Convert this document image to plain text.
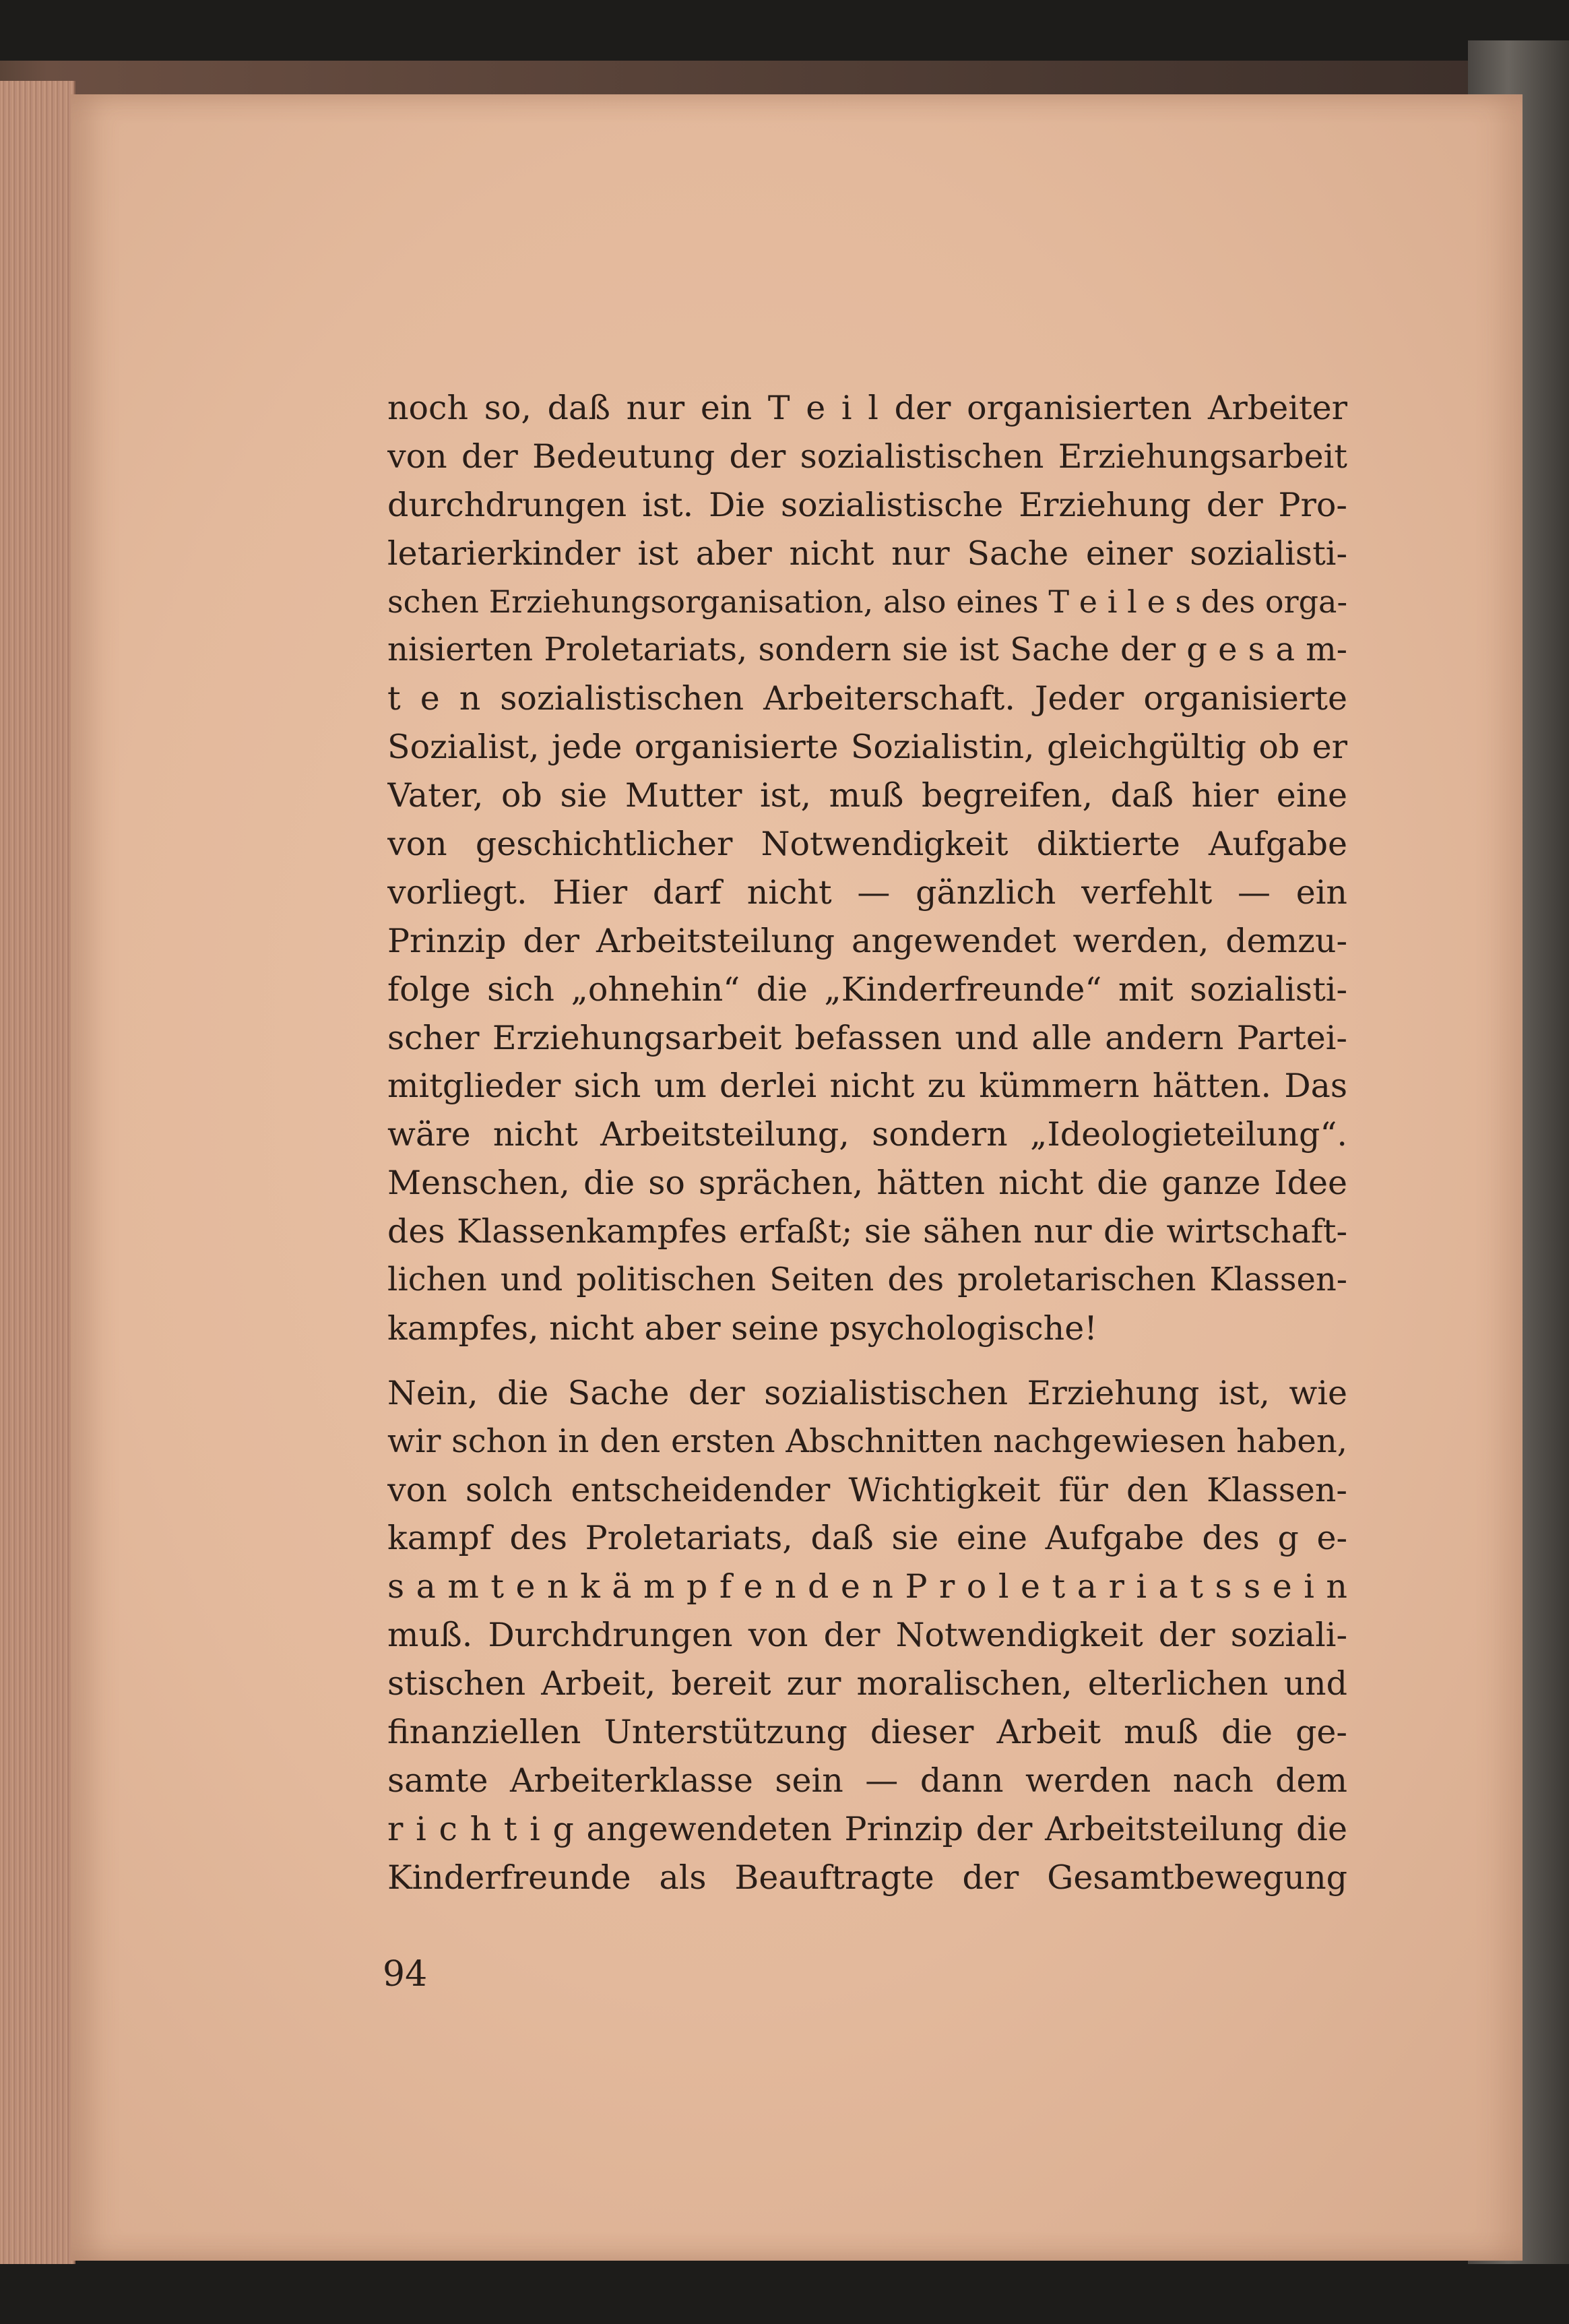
noch so, daß nur ein T e i l der organisierten Arbeiter
von der Bedeutung der sozialistischen Erziehungsarbeit
durchdrungen ist. Die sozialistische Erziehung der Pro-
letarierkinder ist aber nicht nur Sache einer sozialisti-
schen Erziehungsorganisation, also eines T e i l e s des orga-
nisierten Proletariats, sondern sie ist Sache der g e s a m-
t e n sozialistischen Arbeiterschaft. Jeder organisierte
Sozialist, jede organisierte Sozialistin, gleichgültig ob er
Vater, ob sie Mutter ist, muß begreifen, daß hier eine
von geschichtlicher Notwendigkeit diktierte Aufgabe
vorliegt. Hier darf nicht — gänzlich verfehlt — ein
Prinzip der Arbeitsteilung angewendet werden, demzu-
folge sich „ohnehin“ die „Kinderfreunde“ mit sozialisti-
scher Erziehungsarbeit befassen und alle andern Partei-
mitglieder sich um derlei nicht zu kümmern hätten. Das
wäre nicht Arbeitsteilung, sondern „Ideologieteilung“.
Menschen, die so sprächen, hätten nicht die ganze Idee
des Klassenkampfes erfaßt; sie sähen nur die wirtschaft-
lichen und politischen Seiten des proletarischen Klassen-
kampfes, nicht aber seine psychologische!
Nein, die Sache der sozialistischen Erziehung ist, wie
wir schon in den ersten Abschnitten nachgewiesen haben,
von solch entscheidender Wichtigkeit für den Klassen-
kampf des Proletariats, daß sie eine Aufgabe des g e-
s a m t e n k ä m p f e n d e n P r o l e t a r i a t s s e i n
muß. Durchdrungen von der Notwendigkeit der soziali-
stischen Arbeit, bereit zur moralischen, elterlichen und
finanziellen Unterstützung dieser Arbeit muß die ge-
samte Arbeiterklasse sein — dann werden nach dem
r i c h t i g angewendeten Prinzip der Arbeitsteilung die
Kinderfreunde als Beauftragte der Gesamtbewegung
94
